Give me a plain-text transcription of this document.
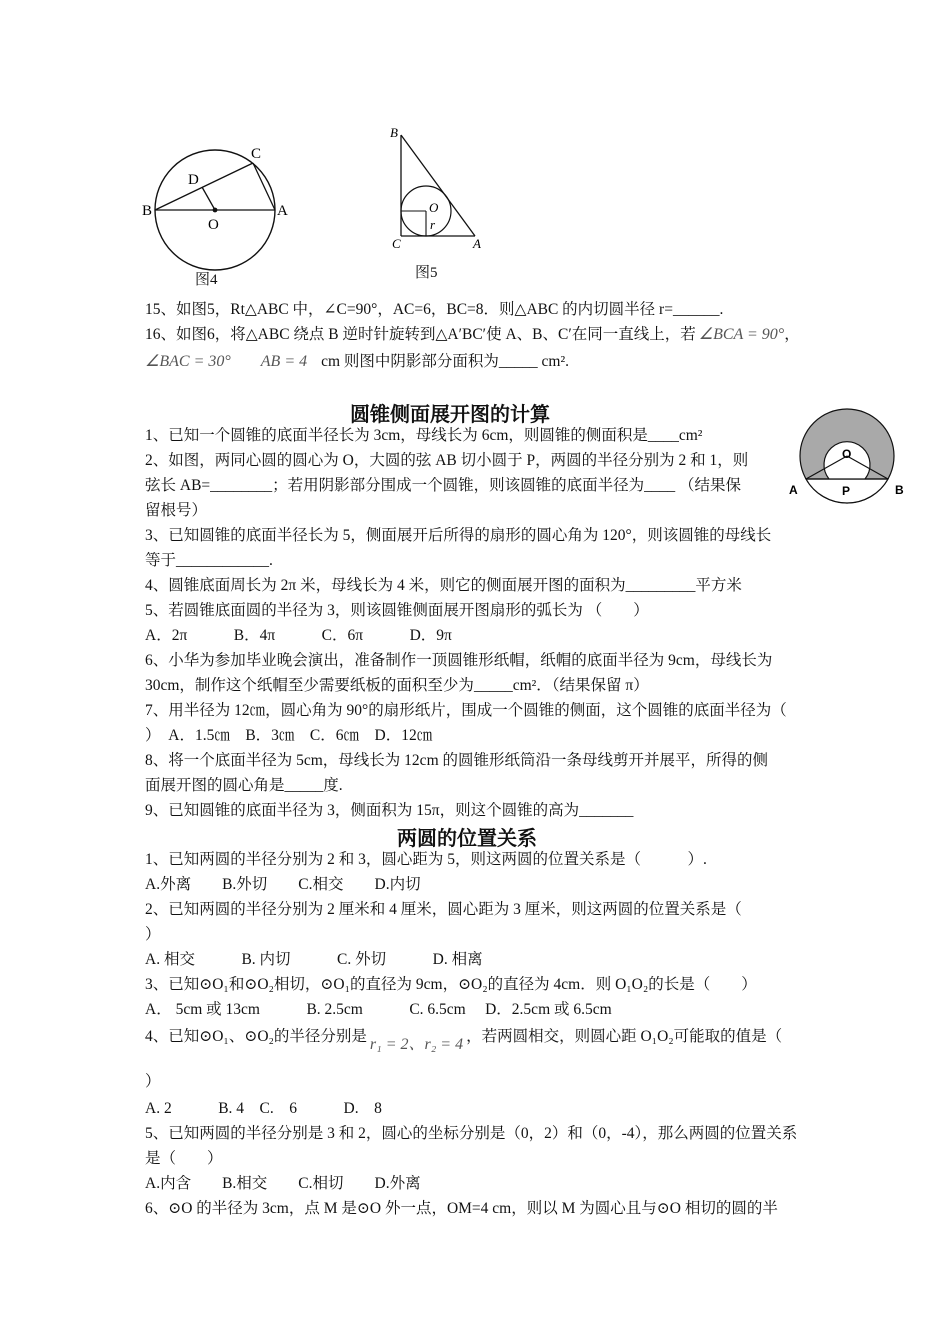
B
O
A
C
D
图4
B
O
r
C	A
图5
15、如图5，Rt△ABC 中，∠C=90°，AC=6，BC=8．则△ABC 的内切圆半径 r=______.
16、如图6，将△ABC 绕点 B 逆时针旋转到△A′BC′使 A、B、C′在同一直线上，若 ∠BCA = 90°，
∠BAC = 30° AB = 4 cm 则图中阴影部分面积为_____ cm².
圆锥侧面展开图的计算
1、已知一个圆锥的底面半径长为 3cm，母线长为 6cm，则圆锥的侧面积是____cm²
2、如图，两同心圆的圆心为 O，大圆的弦 AB 切小圆于 P，两圆的半径分别为 2 和 1，则
弦长 AB=________；若用阴影部分围成一个圆锥，则该圆锥的底面半径为____ （结果保
留根号）
3、已知圆锥的底面半径长为 5，侧面展开后所得的扇形的圆心角为 120°，则该圆锥的母线长
等于____________.
4、圆锥底面周长为 2π 米，母线长为 4 米，则它的侧面展开图的面积为_________平方米
5、若圆锥底面圆的半径为 3，则该圆锥侧面展开图扇形的弧长为 （　　）
A．2π　　　B．4π　　　C．6π　　　D．9π
6、小华为参加毕业晚会演出，准备制作一顶圆锥形纸帽，纸帽的底面半径为 9cm，母线长为
30cm，制作这个纸帽至少需要纸板的面积至少为_____cm²．（结果保留 π）
7、用半径为 12㎝，圆心角为 90°的扇形纸片，围成一个圆锥的侧面，这个圆锥的底面半径为（
）　A．1.5㎝　B．3㎝　C．6㎝　D．12㎝
8、将一个底面半径为 5cm，母线长为 12cm 的圆锥形纸筒沿一条母线剪开并展平，所得的侧
面展开图的圆心角是_____度.
9、已知圆锥的底面半径为 3，侧面积为 15π，则这个圆锥的高为_______
O
P
A	B
两圆的位置关系
1、已知两圆的半径分别为 2 和 3，圆心距为 5，则这两圆的位置关系是（　　　）.
A.外离　　B.外切　　C.相交　　D.内切
2、已知两圆的半径分别为 2 厘米和 4 厘米，圆心距为 3 厘米，则这两圆的位置关系是（
）
A. 相交　　　B. 内切　　　C. 外切　　　D. 相离
3、已知⊙O₁和⊙O₂相切，⊙O₁的直径为 9cm，⊙O₂的直径为 4cm．则 O₁O₂的长是（　　）
A． 5cm 或 13cm　　　B. 2.5cm　　　C. 6.5cm　 D．2.5cm 或 6.5cm
4、已知⊙O₁、⊙O₂的半径分别是 r₁ = 2、r₂ = 4 ，若两圆相交，则圆心距 O₁O₂可能取的值是（
）
A. 2　　　B. 4　C.　6　　　D.　8
5、已知两圆的半径分别是 3 和 2，圆心的坐标分别是（0，2）和（0，-4），那么两圆的位置关系
是（　　）
A.内含　　B.相交　　C.相切　　D.外离
6、⊙O 的半径为 3cm，点 M 是⊙O 外一点，OM=4 cm，则以 M 为圆心且与⊙O 相切的圆的半
